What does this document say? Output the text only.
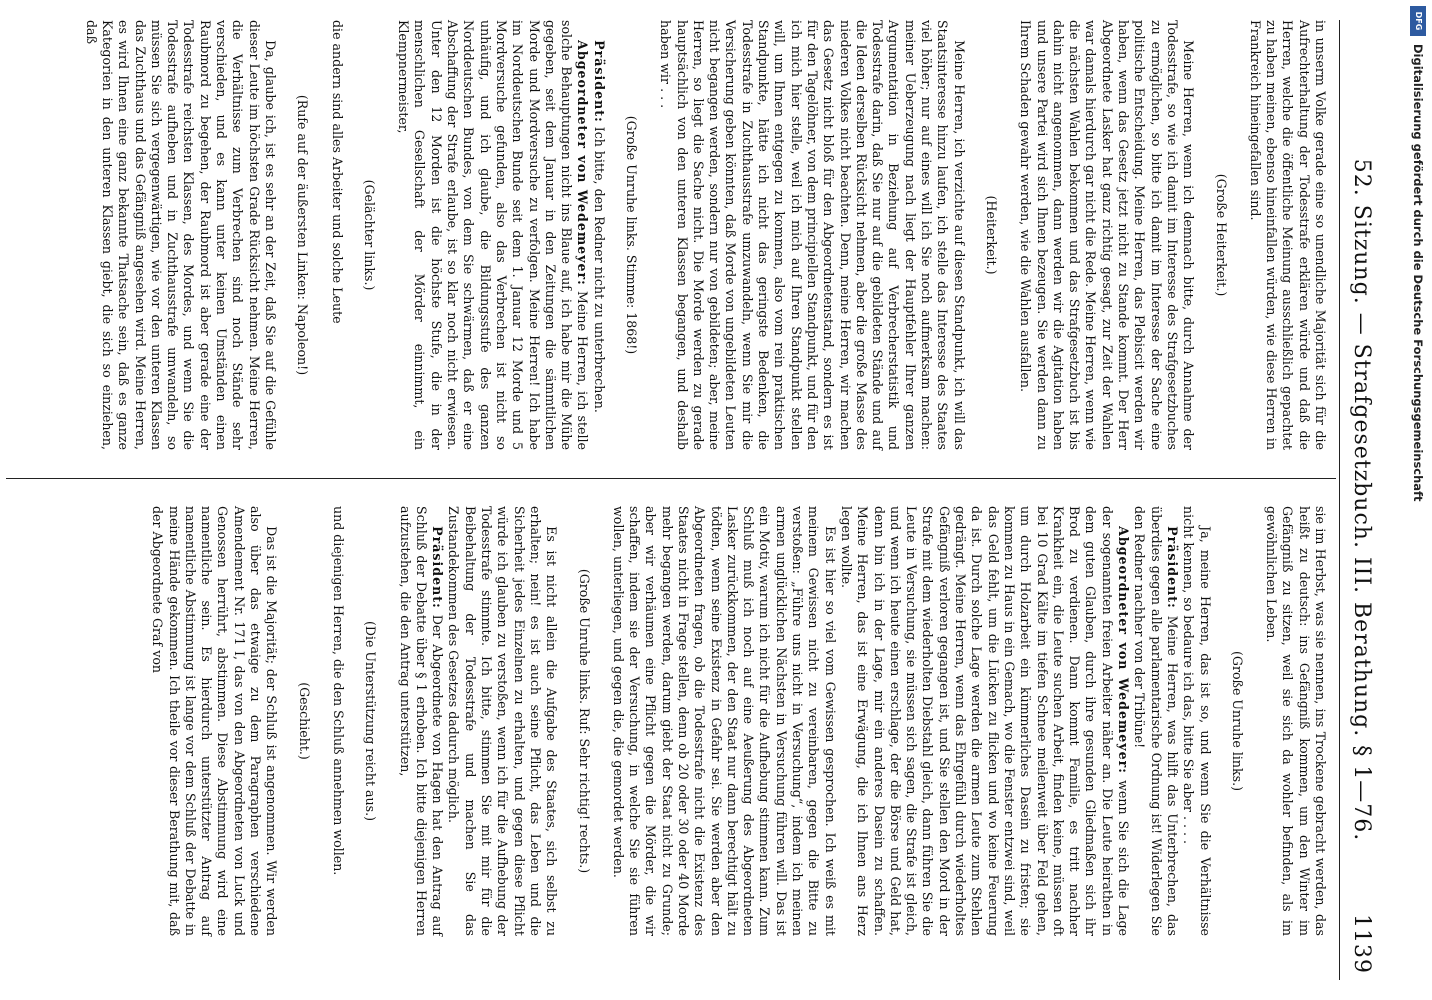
52. Sitzung. — Strafgesetzbuch. III. Berathung. § 1—76.
1139

in unserm Volke gerade eine so unendliche Majorität sich für die Aufrechterhaltung der Todesstrafe erklären würde und daß die Herren, welche die öffentliche Meinung ausschließlich gepachtet zu haben meinen, ebenso hineinfallen würden, wie diese Herren in Frankreich hineingefallen sind.

(Große Heiterkeit.)

Meine Herren, wenn ich demnach bitte, durch Annahme der Todesstrafe, so wie ich damit im Interesse des Strafgesetzbuches zu ermöglichen, so bitte ich damit im Interesse der Sache eine politische Entscheidung. Meine Herren, das Plebiscit werden wir haben, wenn das Gesetz jetzt nicht zu Stande kommt. Der Herr Abgeordnete Lasker hat ganz richtig gesagt, zur Zeit der Wahlen war damals hierdurch gar nicht die Rede. Meine Herren, wenn wie die nächsten Wahlen bekommen und das Strafgesetzbuch ist bis dahin nicht angenommen, dann werden wir die Agitation haben und unsere Partei wird sich Ihnen bezeugen. Sie werden dann zu Ihrem Schaden gewahr werden, wie die Wahlen ausfallen.

(Heiterkeit.)

Meine Herren, ich verzichte auf diesen Standpunkt, ich will das Staatsinteresse hinzu laufen, ich stelle das Interesse des Staates viel höher; nur auf eines will ich Sie noch aufmerksam machen: meiner Ueberzeugung nach liegt der Hauptfehler Ihrer ganzen Argumentation in Beziehung auf Verbrecherstatistik und Todesstrafe darin, daß Sie nur auf die gebildeten Stände und auf die Ideen derselben Rücksicht nehmen, aber die große Masse des niederen Volkes nicht beachten. Denn, meine Herren, wir machen das Gesetz nicht bloß für den Abgeordnetenstand, sondern es ist für den Tagelöhner, von dem principiellen Standpunkt, und für den ich mich hier stelle, weil ich mich auf Ihren Standpunkt stellen will, um Ihnen entgegen zu kommen, also vom rein praktischen Standpunkte, hätte ich nicht das geringste Bedenken, die Todesstrafe in Zuchthausstrafe umzuwandeln, wenn Sie mir die Versicherung geben könnten, daß Morde von ungebildeten Leuten nicht begangen werden, sondern nur von gebildeten; aber, meine Herren, so liegt die Sache nicht. Die Morde werden zu gerade hauptsächlich von den unteren Klassen begangen, und deshalb haben wir . . .

(Große Unruhe links. Stimme: 1868!)

Präsident: Ich bitte, den Redner nicht zu unterbrechen.

Abgeordneter von Wedemeyer: Meine Herren, ich stelle solche Behauptungen nicht ins Blaue auf, ich habe mir die Mühe gegeben, seit dem Januar in den Zeitungen die sämmtlichen Morde und Mordversuche zu verfolgen. Meine Herren! Ich habe im Norddeutschen Bunde seit dem 1. Januar 12 Morde und 5 Mordversuche gefunden, also das Verbrechen ist nicht so unhäufig, und ich glaube, die Bildungsstufe des ganzen Norddeutschen Bundes, von dem Sie schwärmen, daß er eine Abschaffung der Strafe erlaube, ist so klar noch nicht erwiesen. Unter den 12 Morden ist die höchste Stufe, die in der menschlichen Gesellschaft der Mörder einnimmt, ein Klempnermeister,

(Gelächter links.)

die andern sind alles Arbeiter und solche Leute

(Rufe auf der äußersten Linken: Napoleon!)

Da, glaube ich, ist es sehr an der Zeit, daß Sie auf die Gefühle dieser Leute im höchsten Grade Rücksicht nehmen. Meine Herren, die Verhältnisse zum Verbrechen sind noch Stände sehr verschieden, und es kann unter keinen Umständen einen Raubmord zu begehen, der Raubmord ist aber gerade eine der Todesstrafe reichsten Klassen, des Mordes, und wenn Sie die Todesstrafe aufheben und in Zuchthausstrafe umwandeln, so müssen Sie sich vergegenwärtigen, wie vor den unteren Klassen das Zuchthaus und das Gefängniß angesehen wird. Meine Herren, es wird Ihnen eine ganz bekannte Thatsache sein, daß es ganze Kategorien in den unteren Klassen giebt, die sich so einziehen, daß

sie im Herbst, was sie nennen, ins Trockene gebracht werden, das heißt zu deutsch: ins Gefängniß kommen, um den Winter im Gefängniß zu sitzen, weil sie sich da wohler befinden, als im gewöhnlichen Leben.

(Große Unruhe links.)

Ja, meine Herren, das ist so, und wenn Sie die Verhältnisse nicht kennen, so bedaure ich das, bitte Sie aber . . . .

Präsident: Meine Herren, was hilft das Unterbrechen, das überdies gegen alle parlamentarische Ordnung ist! Widerlegen Sie den Redner nachher von der Tribüne!

Abgeordneter von Wedemeyer: wenn Sie sich die Lage der sogenannten freien Arbeiter näher an. Die Leute heirathen in dem guten Glauben, durch ihre gesunden Gliedmaßen sich ihr Brod zu verdienen. Dann kommt Familie, es tritt nachher Krankheit ein, die Leute suchen Arbeit, finden keine, müssen oft bei 10 Grad Kälte im tiefen Schnee meilenweit über Feld gehen, um durch Holzarbeit ein kümmerliches Dasein zu fristen; sie kommen zu Haus in ein Gemach, wo die Fenster entzwei sind, weil das Geld fehlt, um die Lücken zu flicken und wo keine Feuerung da ist. Durch solche Lage werden die armen Leute zum Stehlen gedrängt. Meine Herren, wenn das Ehrgefühl durch wiederholtes Gefängniß verloren gegangen ist, und Sie stellen den Mord in der Strafe mit dem wiederholten Diebstahl gleich, dann führen Sie die Leute in Versuchung, sie müssen sich sagen, die Strafe ist gleich, und wenn ich heute einen erschlage, der die Börse und Geld hat, denn bin ich in der Lage, mir ein anderes Dasein zu schaffen. Meine Herren, das ist eine Erwägung, die ich Ihnen ans Herz legen wollte.

Es ist hier so viel vom Gewissen gesprochen. Ich weiß es mit meinem Gewissen nicht zu vereinbaren, gegen die Bitte zu verstoßen: „Führe uns nicht in Versuchung“, indem ich meinen armen unglücklichen Nächsten in Versuchung führen will. Das ist ein Motiv, warum ich nicht für die Aufhebung stimmen kann. Zum Schluß muß ich noch auf eine Aeußerung des Abgeordneten Lasker zurückkommen, der den Staat nur dann berechtigt hält zu tödten, wenn seine Existenz in Gefahr sei. Sie werden aber den Abgeordneten fragen, ob die Todesstrafe nicht die Existenz des Staates nicht in Frage stellen, denn ob 20 oder 30 oder 40 Morde mehr begangen werden, darum giebt der Staat nicht zu Grunde; aber wir verhäumen eine Pflicht gegen die Mörder, die wir schaffen, indem sie der Versuchung, in welche Sie sie führen wollen, unterliegen, und gegen die, die gemordet werden.

(Große Unruhe links. Ruf: Sehr richtig! rechts.)

Es ist nicht allein die Aufgabe des Staates, sich selbst zu erhalten; nein! es ist auch seine Pflicht, das Leben und die Sicherheit jedes Einzelnen zu erhalten, und gegen diese Pflicht würde ich glauben zu verstoßen, wenn ich für die Aufhebung der Todesstrafe stimmte. Ich bitte, stimmen Sie mit mir für die Beibehaltung der Todesstrafe und machen Sie das Zustandekommen des Gesetzes dadurch möglich.

Präsident: Der Abgeordnete von Hagen hat den Antrag auf Schluß der Debatte über § 1 erhoben. Ich bitte diejenigen Herren aufzustehen, die den Antrag unterstützen,

(Die Unterstützung reicht aus.)

und diejenigen Herren, die den Schluß annehmen wollen.

(Geschieht.)

Das ist die Majorität; der Schluß ist angenommen. Wir werden also über das etwaige zu dem Paragraphen verschiedene Amendement Nr. 171 I, das von den Abgeordneten von Luck und Genossen herrührt, abstimmen. Diese Abstimmung wird eine namentliche sein. Es hierdurch unterstützter Antrag auf namentliche Abstimmung ist lange vor dem Schluß der Debatte in meine Hände gekommen. Ich theile vor dieser Berathung mit, daß der Abgeordnete Graf von

DFG
Digitalisierung gefördert durch die Deutsche Forschungsgemeinschaft
